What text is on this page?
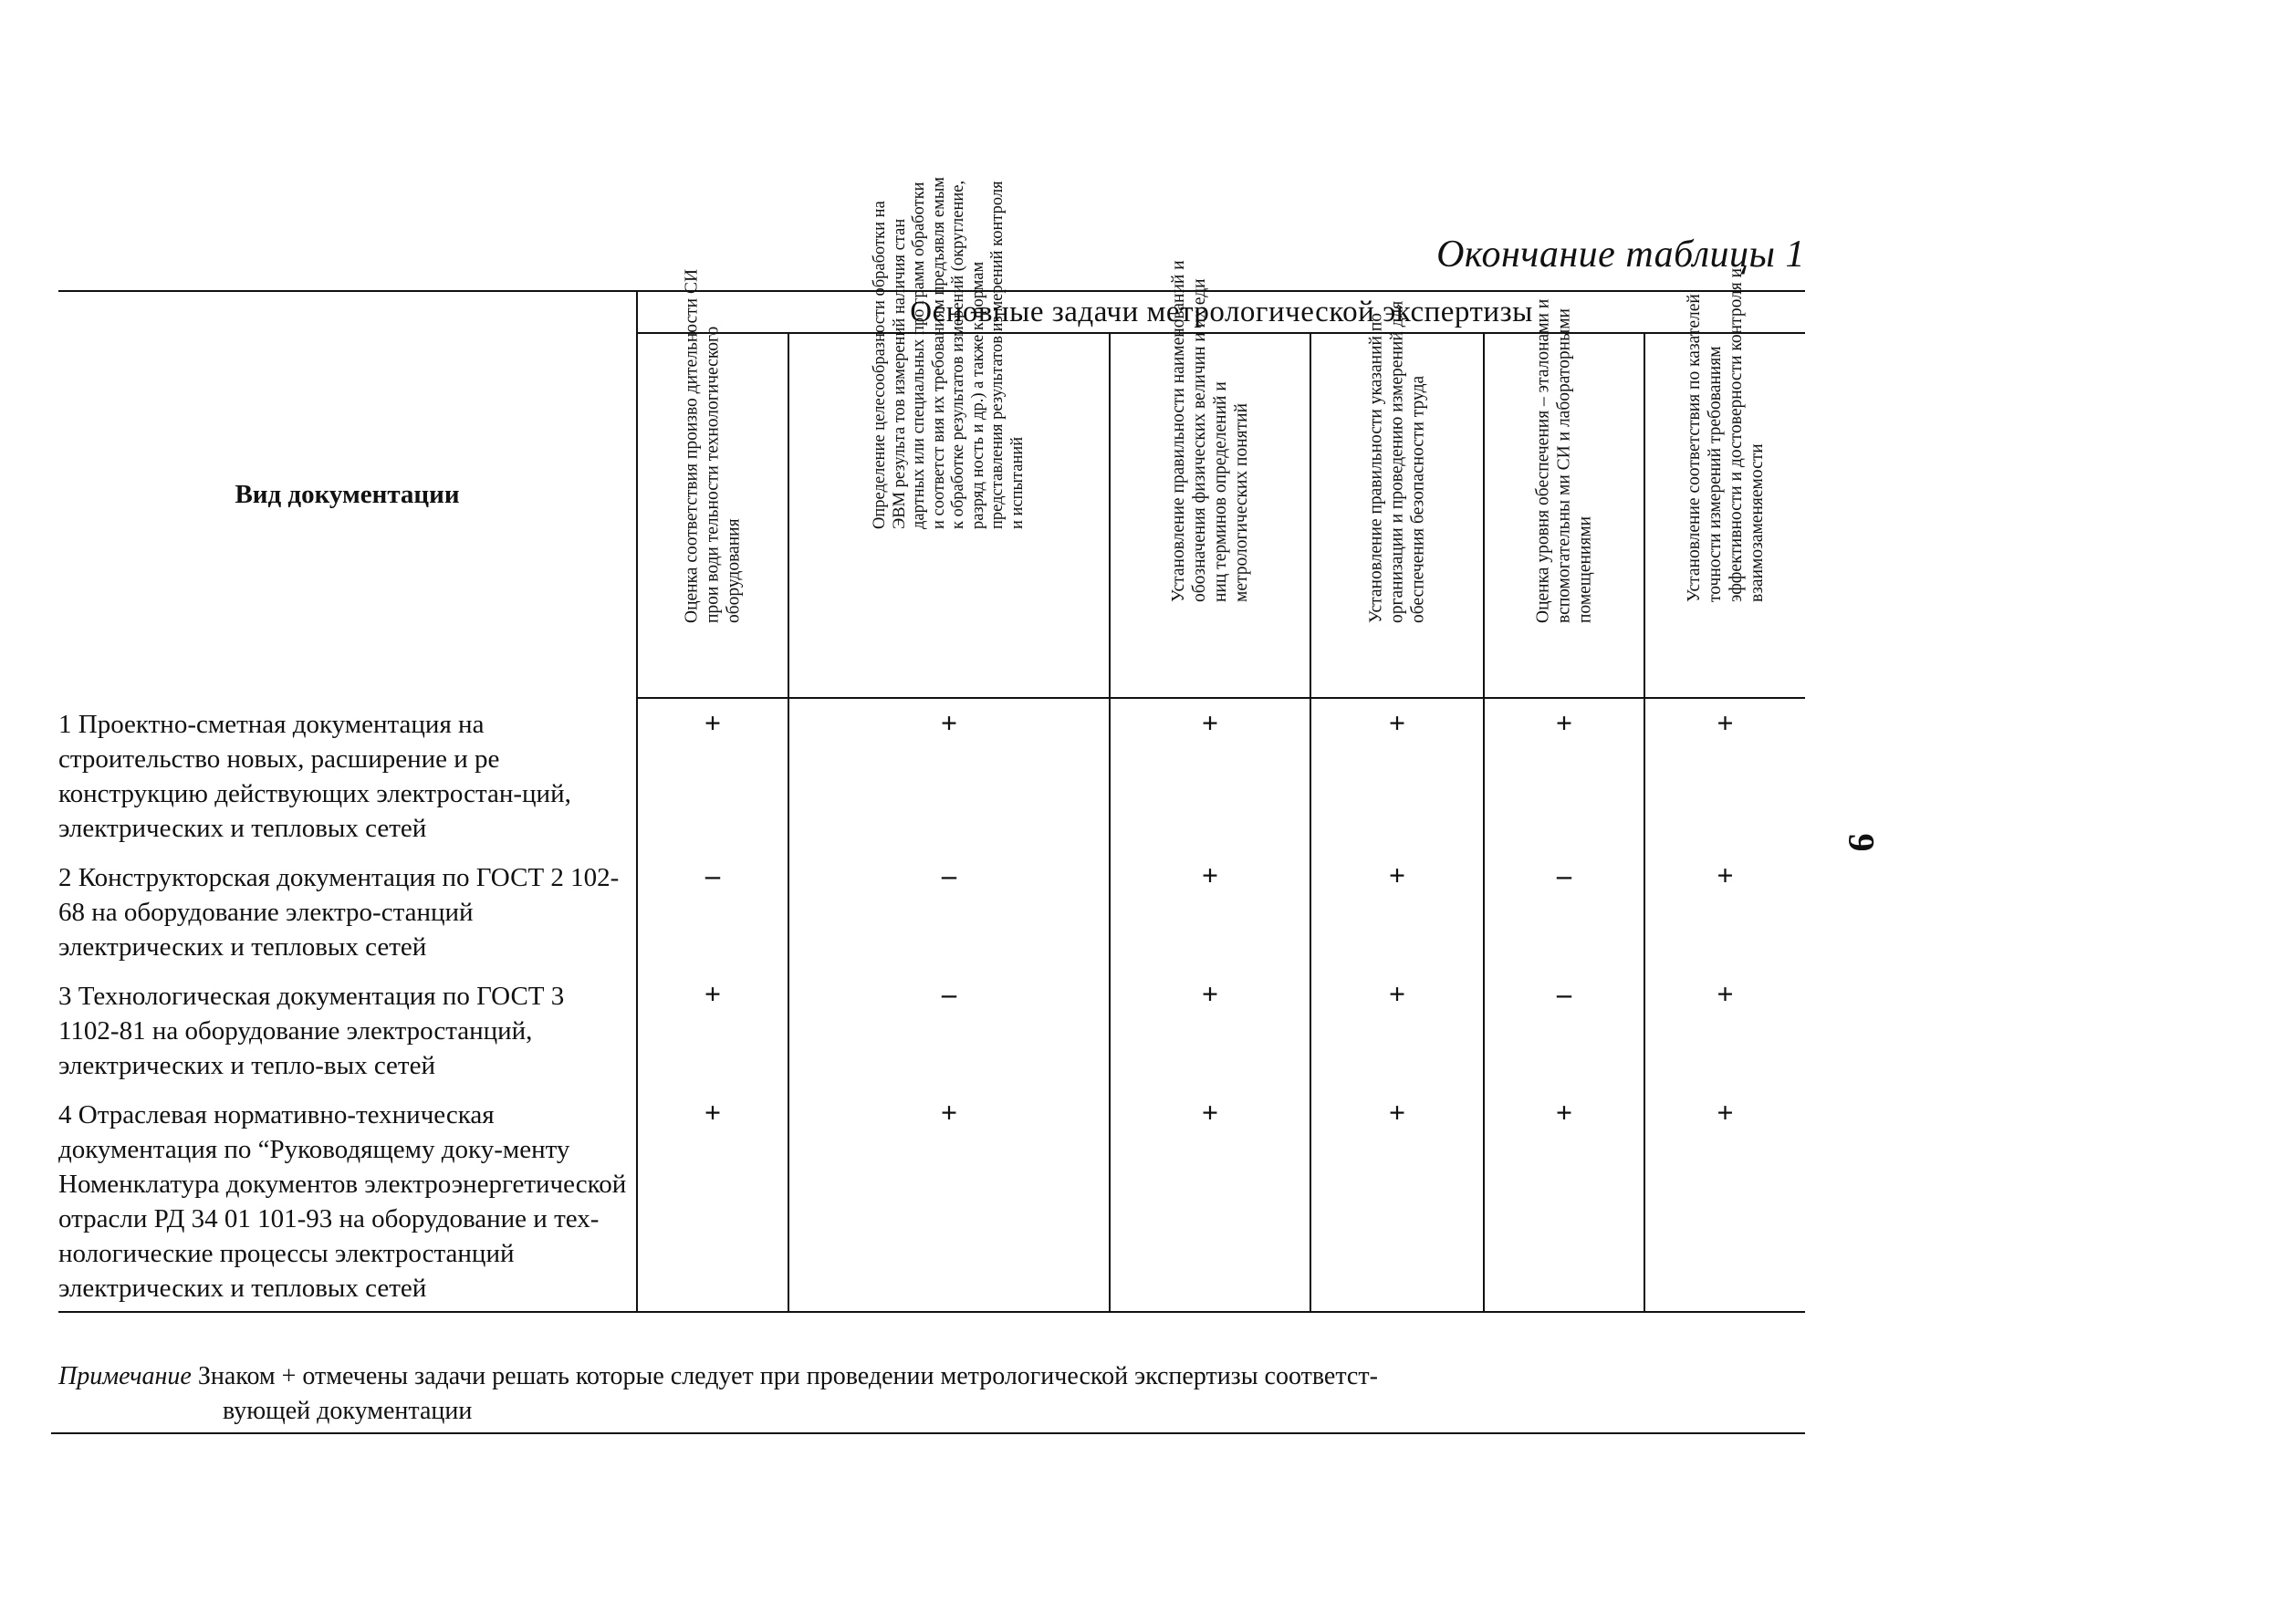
Окончание таблицы 1
9
Вид документации	Основные задачи метрологической экспертизы					

	Оценка соответствия произво дительности СИ прои води тельности технологического оборудования	Определение целесообразности обработки на ЭВМ результа тов измерений наличия стан дартных или специальных про грамм обработки и соответст вия их требованиям предъявля емым к обработке результатов измерений (округление, разряд ность и др.) а также к формам представления результатов из мерений контроля и испытаний	Установление правильности наименований и обозначения физических величин и их еди ниц терминов определений и метрологических понятий	Установление правильности указаний по организации и проведению измерений для обеспечения безопасности труда	Оценка уровня обеспечения – эталонами и вспомогательны ми СИ и лабораторными помещениями	Установление соответствия по казателей точности измерений требованиям эффективности и достоверности контроля и взаимозаменяемости

1 Проектно-сметная документация на строительство новых, расширение и ре конструкцию действующих электростан-ций, электрических и тепловых сетей	+	+	+	+	+	+
2 Конструкторская документация по ГОСТ 2 102-68 на оборудование электро-станций электрических и тепловых сетей	–	–	+	+	–	+
3 Технологическая документация по ГОСТ 3 1102-81 на оборудование электростанций, электрических и тепло-вых сетей	+	–	+	+	–	+
4 Отраслевая нормативно-техническая документация по “Руководящему доку-менту Номенклатура документов электроэнергетической отрасли РД 34 01 101-93 на оборудование и тех-нологические процессы электростанций электрических и тепловых сетей	+	+	+	+	+	+
Примечание Знаком + отмечены задачи решать которые следует при проведении метрологической экспертизы соответст-
вующей документации
